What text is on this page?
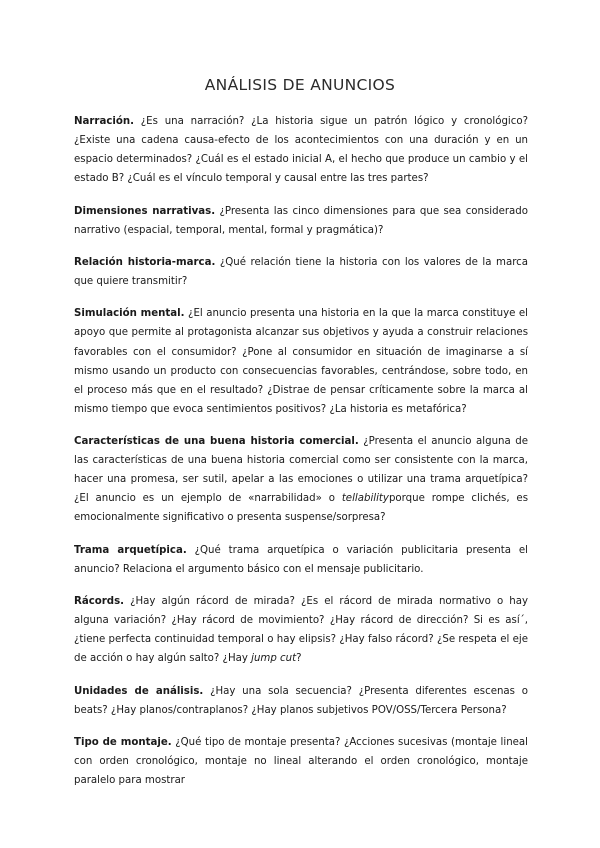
ANÁLISIS DE ANUNCIOS

Narración. ¿Es una narración? ¿La historia sigue un patrón lógico y cronológico? ¿Existe una cadena causa-efecto de los acontecimientos con una duración y en un espacio determinados? ¿Cuál es el estado inicial A, el hecho que produce un cambio y el estado B? ¿Cuál es el vínculo temporal y causal entre las tres partes?

Dimensiones narrativas. ¿Presenta las cinco dimensiones para que sea considerado narrativo (espacial, temporal, mental, formal y pragmática)?

Relación historia-marca. ¿Qué relación tiene la historia con los valores de la marca que quiere transmitir?

Simulación mental. ¿El anuncio presenta una historia en la que la marca constituye el apoyo que permite al protagonista alcanzar sus objetivos y ayuda a construir relaciones favorables con el consumidor? ¿Pone al consumidor en situación de imaginarse a sí mismo usando un producto con consecuencias favorables, centrándose, sobre todo, en el proceso más que en el resultado? ¿Distrae de pensar críticamente sobre la marca al mismo tiempo que evoca sentimientos positivos? ¿La historia es metafórica?

Características de una buena historia comercial. ¿Presenta el anuncio alguna de las características de una buena historia comercial como ser consistente con la marca, hacer una promesa, ser sutil, apelar a las emociones o utilizar una trama arquetípica? ¿El anuncio es un ejemplo de «narrabilidad» o tellabilityporque rompe clichés, es emocionalmente significativo o presenta suspense/sorpresa?

Trama arquetípica. ¿Qué trama arquetípica o variación publicitaria presenta el anuncio? Relaciona el argumento básico con el mensaje publicitario.

Rácords. ¿Hay algún rácord de mirada? ¿Es el rácord de mirada normativo o hay alguna variación? ¿Hay rácord de movimiento? ¿Hay rácord de dirección? Si es así´, ¿tiene perfecta continuidad temporal o hay elipsis? ¿Hay falso rácord? ¿Se respeta el eje de acción o hay algún salto? ¿Hay jump cut?

Unidades de análisis. ¿Hay una sola secuencia? ¿Presenta diferentes escenas o beats? ¿Hay planos/contraplanos? ¿Hay planos subjetivos POV/OSS/Tercera Persona?

Tipo de montaje. ¿Qué tipo de montaje presenta? ¿Acciones sucesivas (montaje lineal con orden cronológico, montaje no lineal alterando el orden cronológico, montaje paralelo para mostrar
